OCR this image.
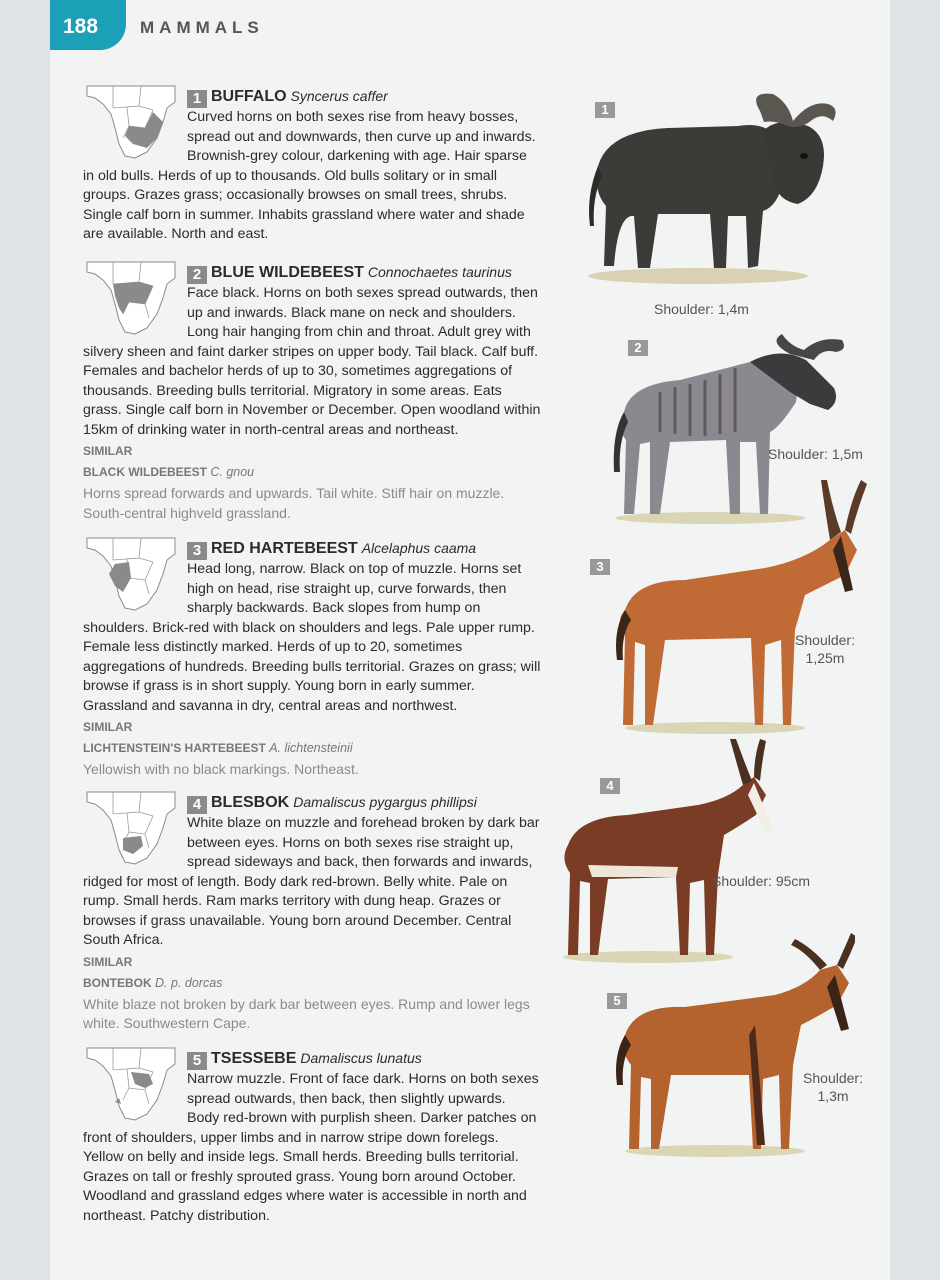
188	MAMMALS
1 BUFFALO Syncerus caffer

Curved horns on both sexes rise from heavy bosses, spread out and downwards, then curve up and inwards. Brownish-grey colour, darkening with age. Hair sparse in old bulls. Herds of up to thousands. Old bulls solitary or in small groups. Grazes grass; occasionally browses on small trees, shrubs. Single calf born in summer. Inhabits grassland where water and shade are available. North and east.

2 BLUE WILDEBEEST Connochaetes taurinus

Face black. Horns on both sexes spread outwards, then up and inwards. Black mane on neck and shoulders. Long hair hanging from chin and throat. Adult grey with silvery sheen and faint darker stripes on upper body. Tail black. Calf buff. Females and bachelor herds of up to 30, sometimes aggregations of thousands. Breeding bulls territorial. Migratory in some areas. Eats grass. Single calf born in November or December. Open woodland within 15km of drinking water in north-central areas and northeast.

SIMILAR
BLACK WILDEBEEST C. gnou
Horns spread forwards and upwards. Tail white. Stiff hair on muzzle. South-central highveld grassland.
3 RED HARTEBEEST Alcelaphus caama

Head long, narrow. Black on top of muzzle. Horns set high on head, rise straight up, curve forwards, then sharply backwards. Back slopes from hump on shoulders. Brick-red with black on shoulders and legs. Pale upper rump. Female less distinctly marked. Herds of up to 20, sometimes aggregations of hundreds. Breeding bulls territorial. Grazes on grass; will browse if grass is in short supply. Young born in early summer. Grassland and savanna in dry, central areas and northwest.

SIMILAR
LICHTENSTEIN'S HARTEBEEST A. lichtensteinii
Yellowish with no black markings. Northeast.
4 BLESBOK Damaliscus pygargus phillipsi

White blaze on muzzle and forehead broken by dark bar between eyes. Horns on both sexes rise straight up, spread sideways and back, then forwards and inwards, ridged for most of length. Body dark red-brown. Belly white. Pale on rump. Small herds. Ram marks territory with dung heap. Grazes or browses if grass unavailable. Young born around December. Central South Africa.

SIMILAR
BONTEBOK D. p. dorcas
White blaze not broken by dark bar between eyes. Rump and lower legs white. Southwestern Cape.
5 TSESSEBE Damaliscus lunatus

Narrow muzzle. Front of face dark. Horns on both sexes spread outwards, then back, then slightly upwards. Body red-brown with purplish sheen. Darker patches on front of shoulders, upper limbs and in narrow stripe down forelegs. Yellow on belly and inside legs. Small herds. Breeding bulls territorial. Grazes on tall or freshly sprouted grass. Young born around October. Woodland and grassland edges where water is accessible in north and northeast. Patchy distribution.

1
Shoulder: 1,4m
2
Shoulder: 1,5m
3
Shoulder:
1,25m
4
Shoulder: 95cm
5
Shoulder:
1,3m
